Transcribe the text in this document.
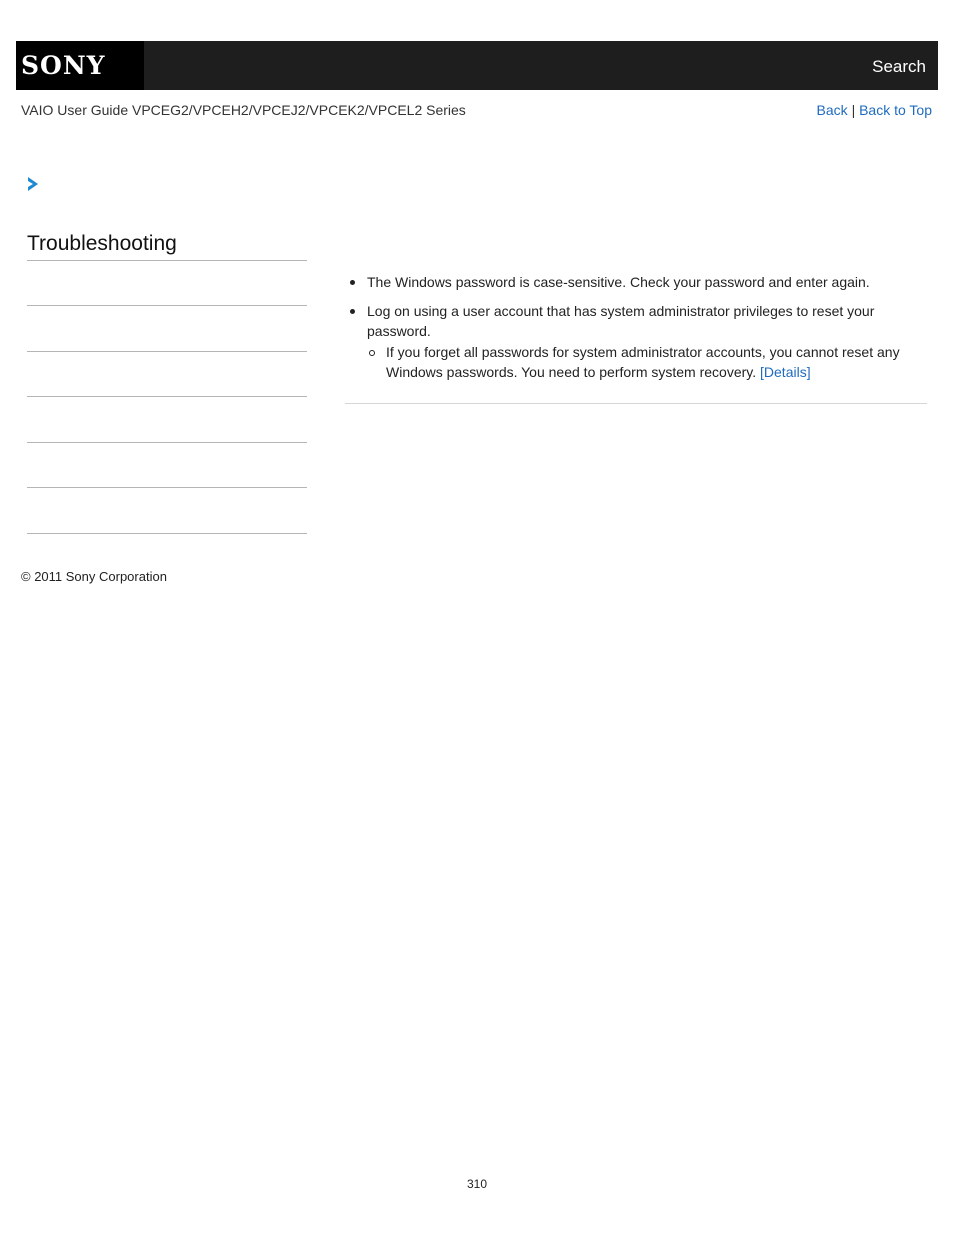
SONY	Search
VAIO User Guide VPCEG2/VPCEH2/VPCEJ2/VPCEK2/VPCEL2 Series	Back | Back to Top
Troubleshooting
The Windows password is case-sensitive. Check your password and enter again.
Log on using a user account that has system administrator privileges to reset your password.
If you forget all passwords for system administrator accounts, you cannot reset any Windows passwords. You need to perform system recovery. [Details]
© 2011 Sony Corporation
310
